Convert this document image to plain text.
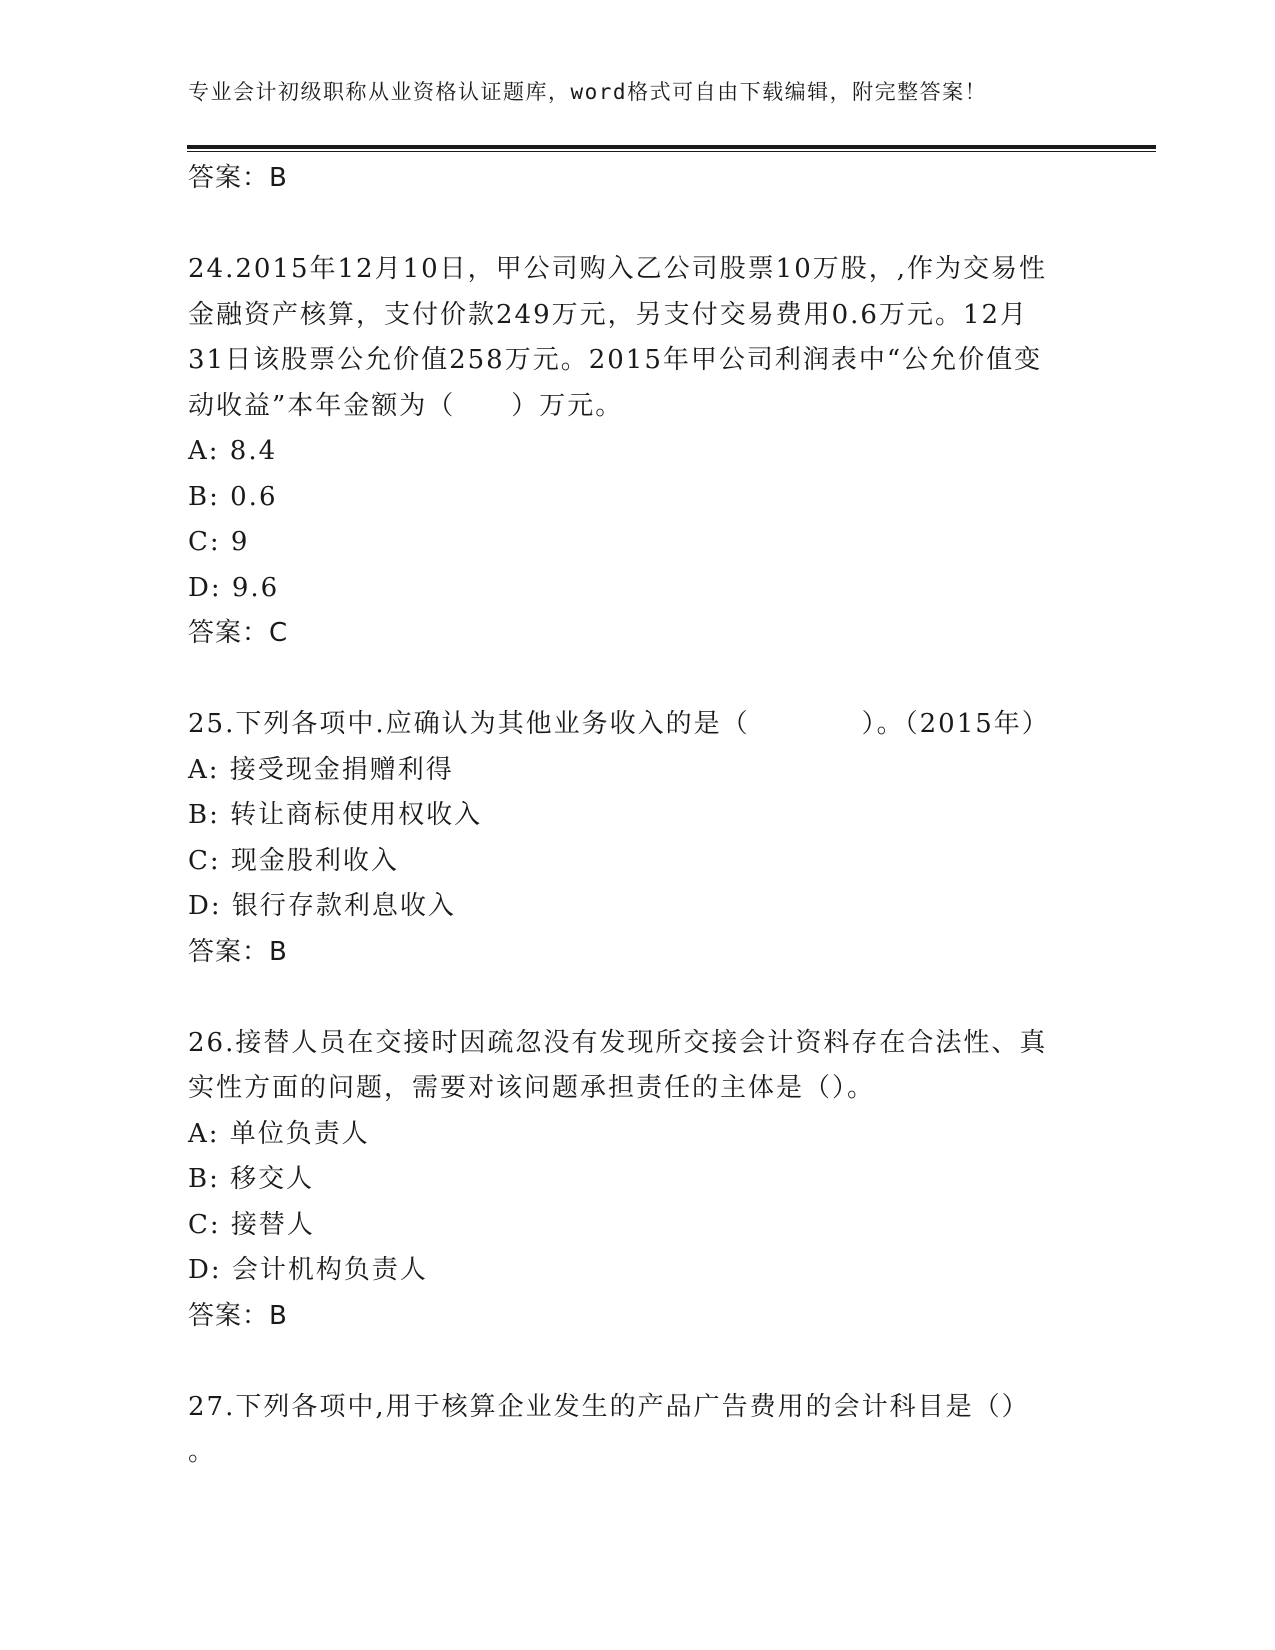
专业会计初级职称从业资格认证题库，word格式可自由下载编辑，附完整答案！
答案：B
24.2015年12月10日，甲公司购入乙公司股票10万股，,作为交易性
金融资产核算，支付价款249万元，另支付交易费用0.6万元。12月
31日该股票公允价值258万元。2015年甲公司利润表中“公允价值变
动收益”本年金额为（　　）万元。
A: 8.4
B: 0.6
C: 9
D: 9.6
答案：C
25.下列各项中.应确认为其他业务收入的是（　　　　）。（2015年）
A: 接受现金捐赠利得
B: 转让商标使用权收入
C: 现金股利收入
D: 银行存款利息收入
答案：B
26.接替人员在交接时因疏忽没有发现所交接会计资料存在合法性、真
实性方面的问题，需要对该问题承担责任的主体是（）。
A: 单位负责人
B: 移交人
C: 接替人
D: 会计机构负责人
答案：B
27.下列各项中,用于核算企业发生的产品广告费用的会计科目是（）
。
